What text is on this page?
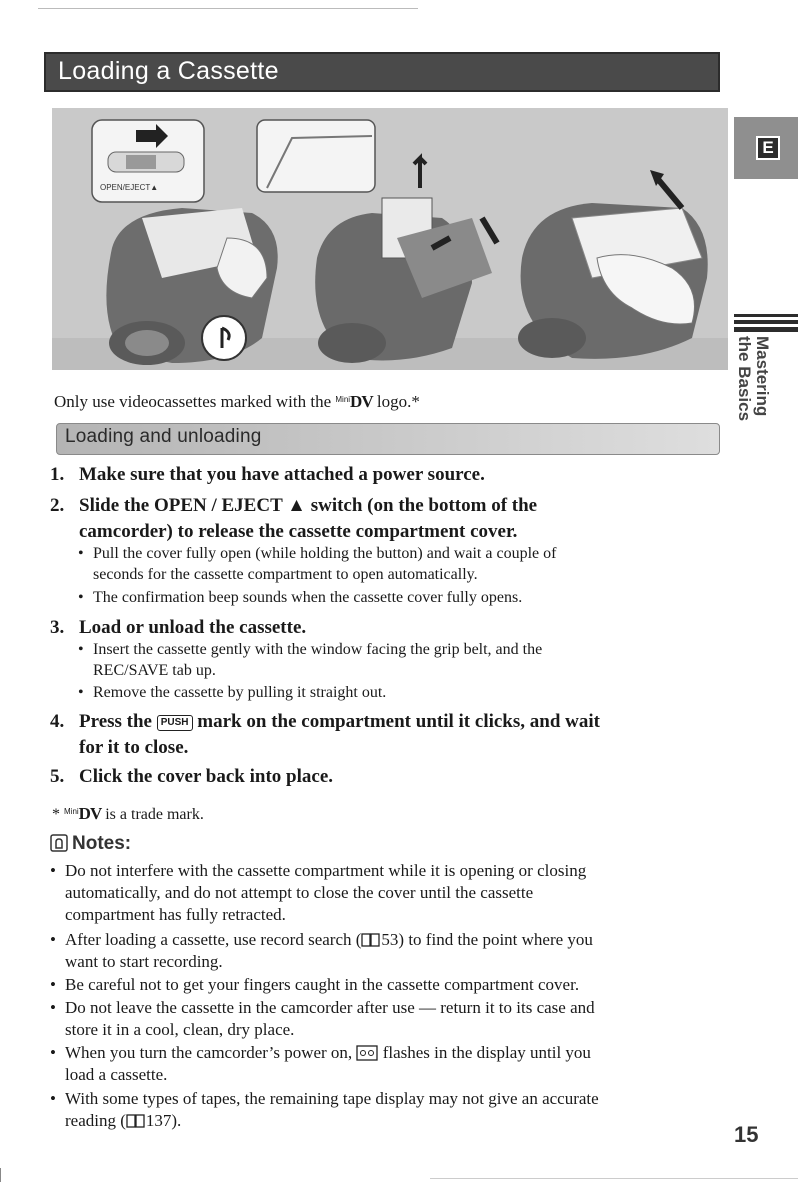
Loading a Cassette
OPEN/EJECT▲
E
Mastering
the Basics
Only use videocassettes marked with the $^{Mini}$DV logo.*
Loading and unloading
1. Make sure that you have attached a power source.
2. Slide the OPEN / EJECT ▲ switch (on the bottom of the
camcorder) to release the cassette compartment cover.
• Pull the cover fully open (while holding the button) and wait a couple of
seconds for the cassette compartment to open automatically.
• The confirmation beep sounds when the cassette cover fully opens.
3. Load or unload the cassette.
• Insert the cassette gently with the window facing the grip belt, and the
REC/SAVE tab up.
• Remove the cassette by pulling it straight out.
4. Press the PUSH mark on the compartment until it clicks, and wait
for it to close.
5. Click the cover back into place.
* $^{Mini}$DV is a trade mark.
Notes:
• Do not interfere with the cassette compartment while it is opening or closing
automatically, and do not attempt to close the cover until the cassette
compartment has fully retracted.
• After loading a cassette, use record search ( 53) to find the point where you
want to start recording.
• Be careful not to get your fingers caught in the cassette compartment cover.
• Do not leave the cassette in the camcorder after use — return it to its case and
store it in a cool, clean, dry place.
• When you turn the camcorder’s power on,  flashes in the display until you
load a cassette.
• With some types of tapes, the remaining tape display may not give an accurate
reading ( 137).
15
